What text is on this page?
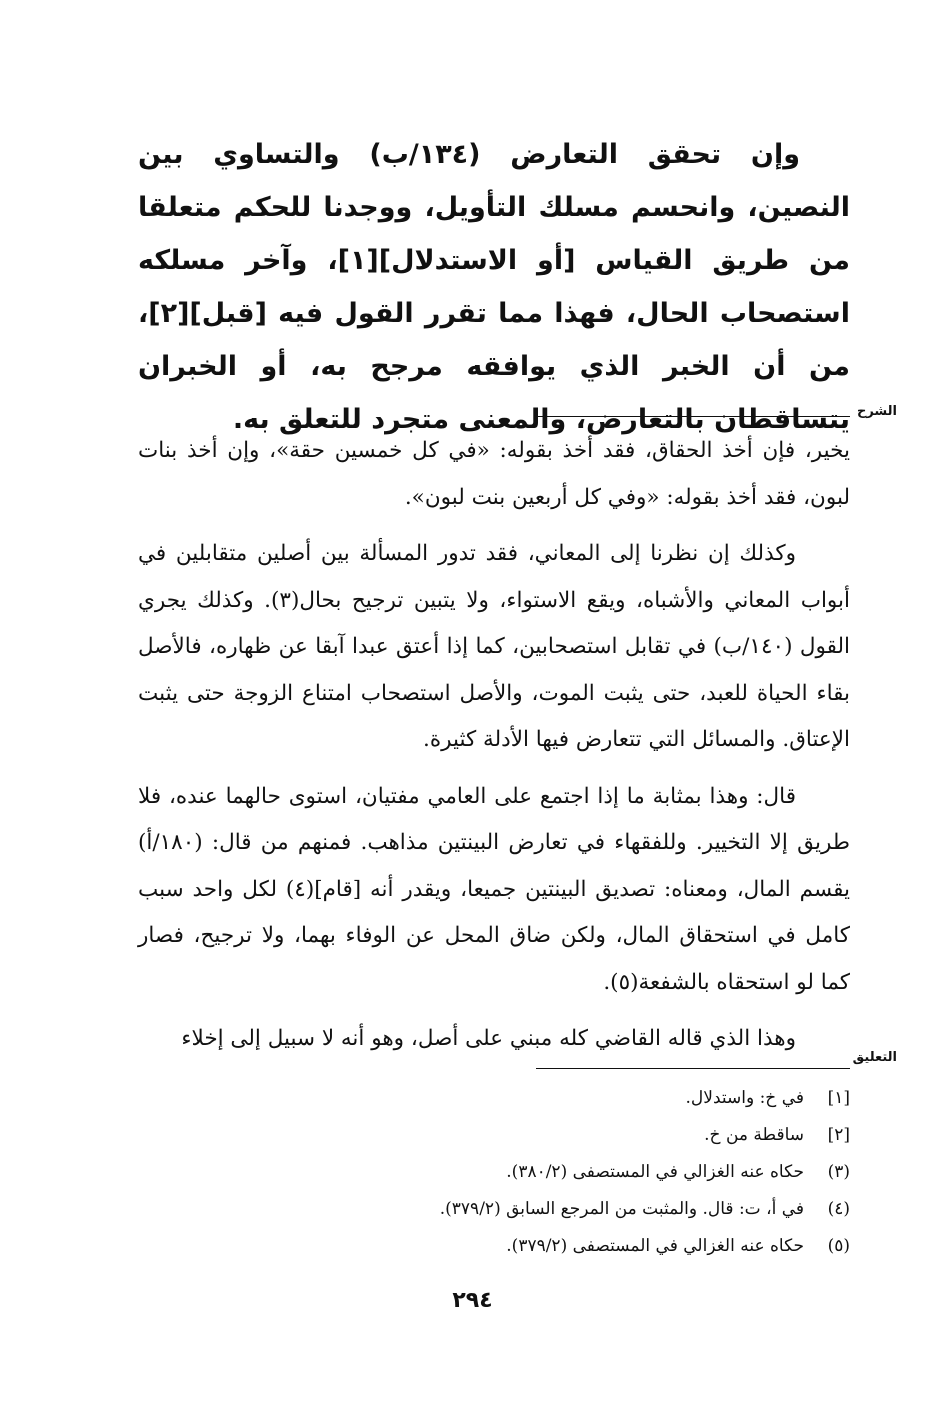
وإن تحقق التعارض (١٣٤/ب) والتساوي بين النصين، وانحسم مسلك التأويل، ووجدنا للحكم متعلقا من طريق القياس [أو الاستدلال][١]، وآخر مسلكه استصحاب الحال، فهذا مما تقرر القول فيه [قبل][٢]، من أن الخبر الذي يوافقه مرجح به، أو الخبران يتساقطان بالتعارض، والمعنى متجرد للتعلق به. الشرح

يخير، فإن أخذ الحقاق، فقد أخذ بقوله: «في كل خمسين حقة»، وإن أخذ بنات لبون، فقد أخذ بقوله: «وفي كل أربعين بنت لبون».

وكذلك إن نظرنا إلى المعاني، فقد تدور المسألة بين أصلين متقابلين في أبواب المعاني والأشباه، ويقع الاستواء، ولا يتبين ترجيح بحال(٣). وكذلك يجري القول (١٤٠/ب) في تقابل استصحابين، كما إذا أعتق عبدا آبقا عن ظهاره، فالأصل بقاء الحياة للعبد، حتى يثبت الموت، والأصل استصحاب امتناع الزوجة حتى يثبت الإعتاق. والمسائل التي تتعارض فيها الأدلة كثيرة.

قال: وهذا بمثابة ما إذا اجتمع على العامي مفتيان، استوى حالهما عنده، فلا طريق إلا التخيير. وللفقهاء في تعارض البينتين مذاهب. فمنهم من قال: (١٨٠/أ) يقسم المال، ومعناه: تصديق البينتين جميعا، ويقدر أنه [قام](٤) لكل واحد سبب كامل في استحقاق المال، ولكن ضاق المحل عن الوفاء بهما، ولا ترجيح، فصار كما لو استحقاه بالشفعة(٥).

وهذا الذي قاله القاضي كله مبني على أصل، وهو أنه لا سبيل إلى إخلاء

التعليق
[١]
في خ: واستدلال.
[٢]
ساقطة من خ.
(٣)
حكاه عنه الغزالي في المستصفى (٣٨٠/٢).
(٤)
في أ، ت: قال. والمثبت من المرجع السابق (٣٧٩/٢).
(٥)
حكاه عنه الغزالي في المستصفى (٣٧٩/٢).
٢٩٤
